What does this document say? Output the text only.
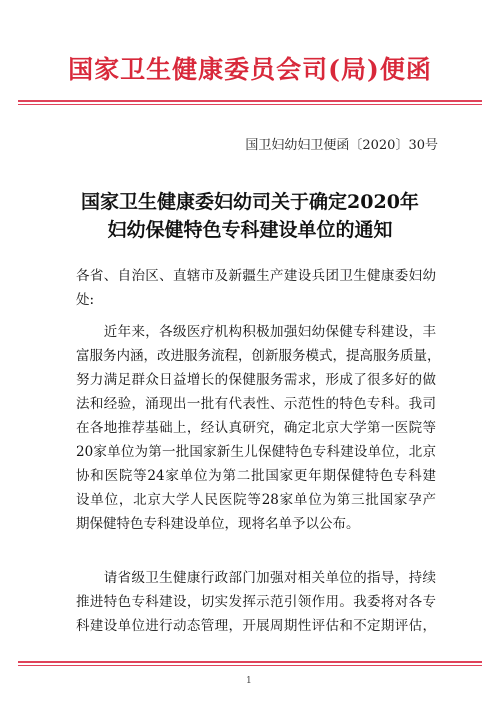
国家卫生健康委员会司(局)便函
国卫妇幼妇卫便函〔2020〕30号
国家卫生健康委妇幼司关于确定2020年
妇幼保健特色专科建设单位的通知
各省、自治区、直辖市及新疆生产建设兵团卫生健康委妇幼
处:
　　近年来，各级医疗机构积极加强妇幼保健专科建设，丰
富服务内涵，改进服务流程，创新服务模式，提高服务质量，
努力满足群众日益增长的保健服务需求，形成了很多好的做
法和经验，涌现出一批有代表性、示范性的特色专科。我司
在各地推荐基础上，经认真研究，确定北京大学第一医院等
20家单位为第一批国家新生儿保健特色专科建设单位，北京
协和医院等24家单位为第二批国家更年期保健特色专科建
设单位，北京大学人民医院等28家单位为第三批国家孕产
期保健特色专科建设单位，现将名单予以公布。
　　请省级卫生健康行政部门加强对相关单位的指导，持续
推进特色专科建设，切实发挥示范引领作用。我委将对各专
科建设单位进行动态管理，开展周期性评估和不定期评估，
1
